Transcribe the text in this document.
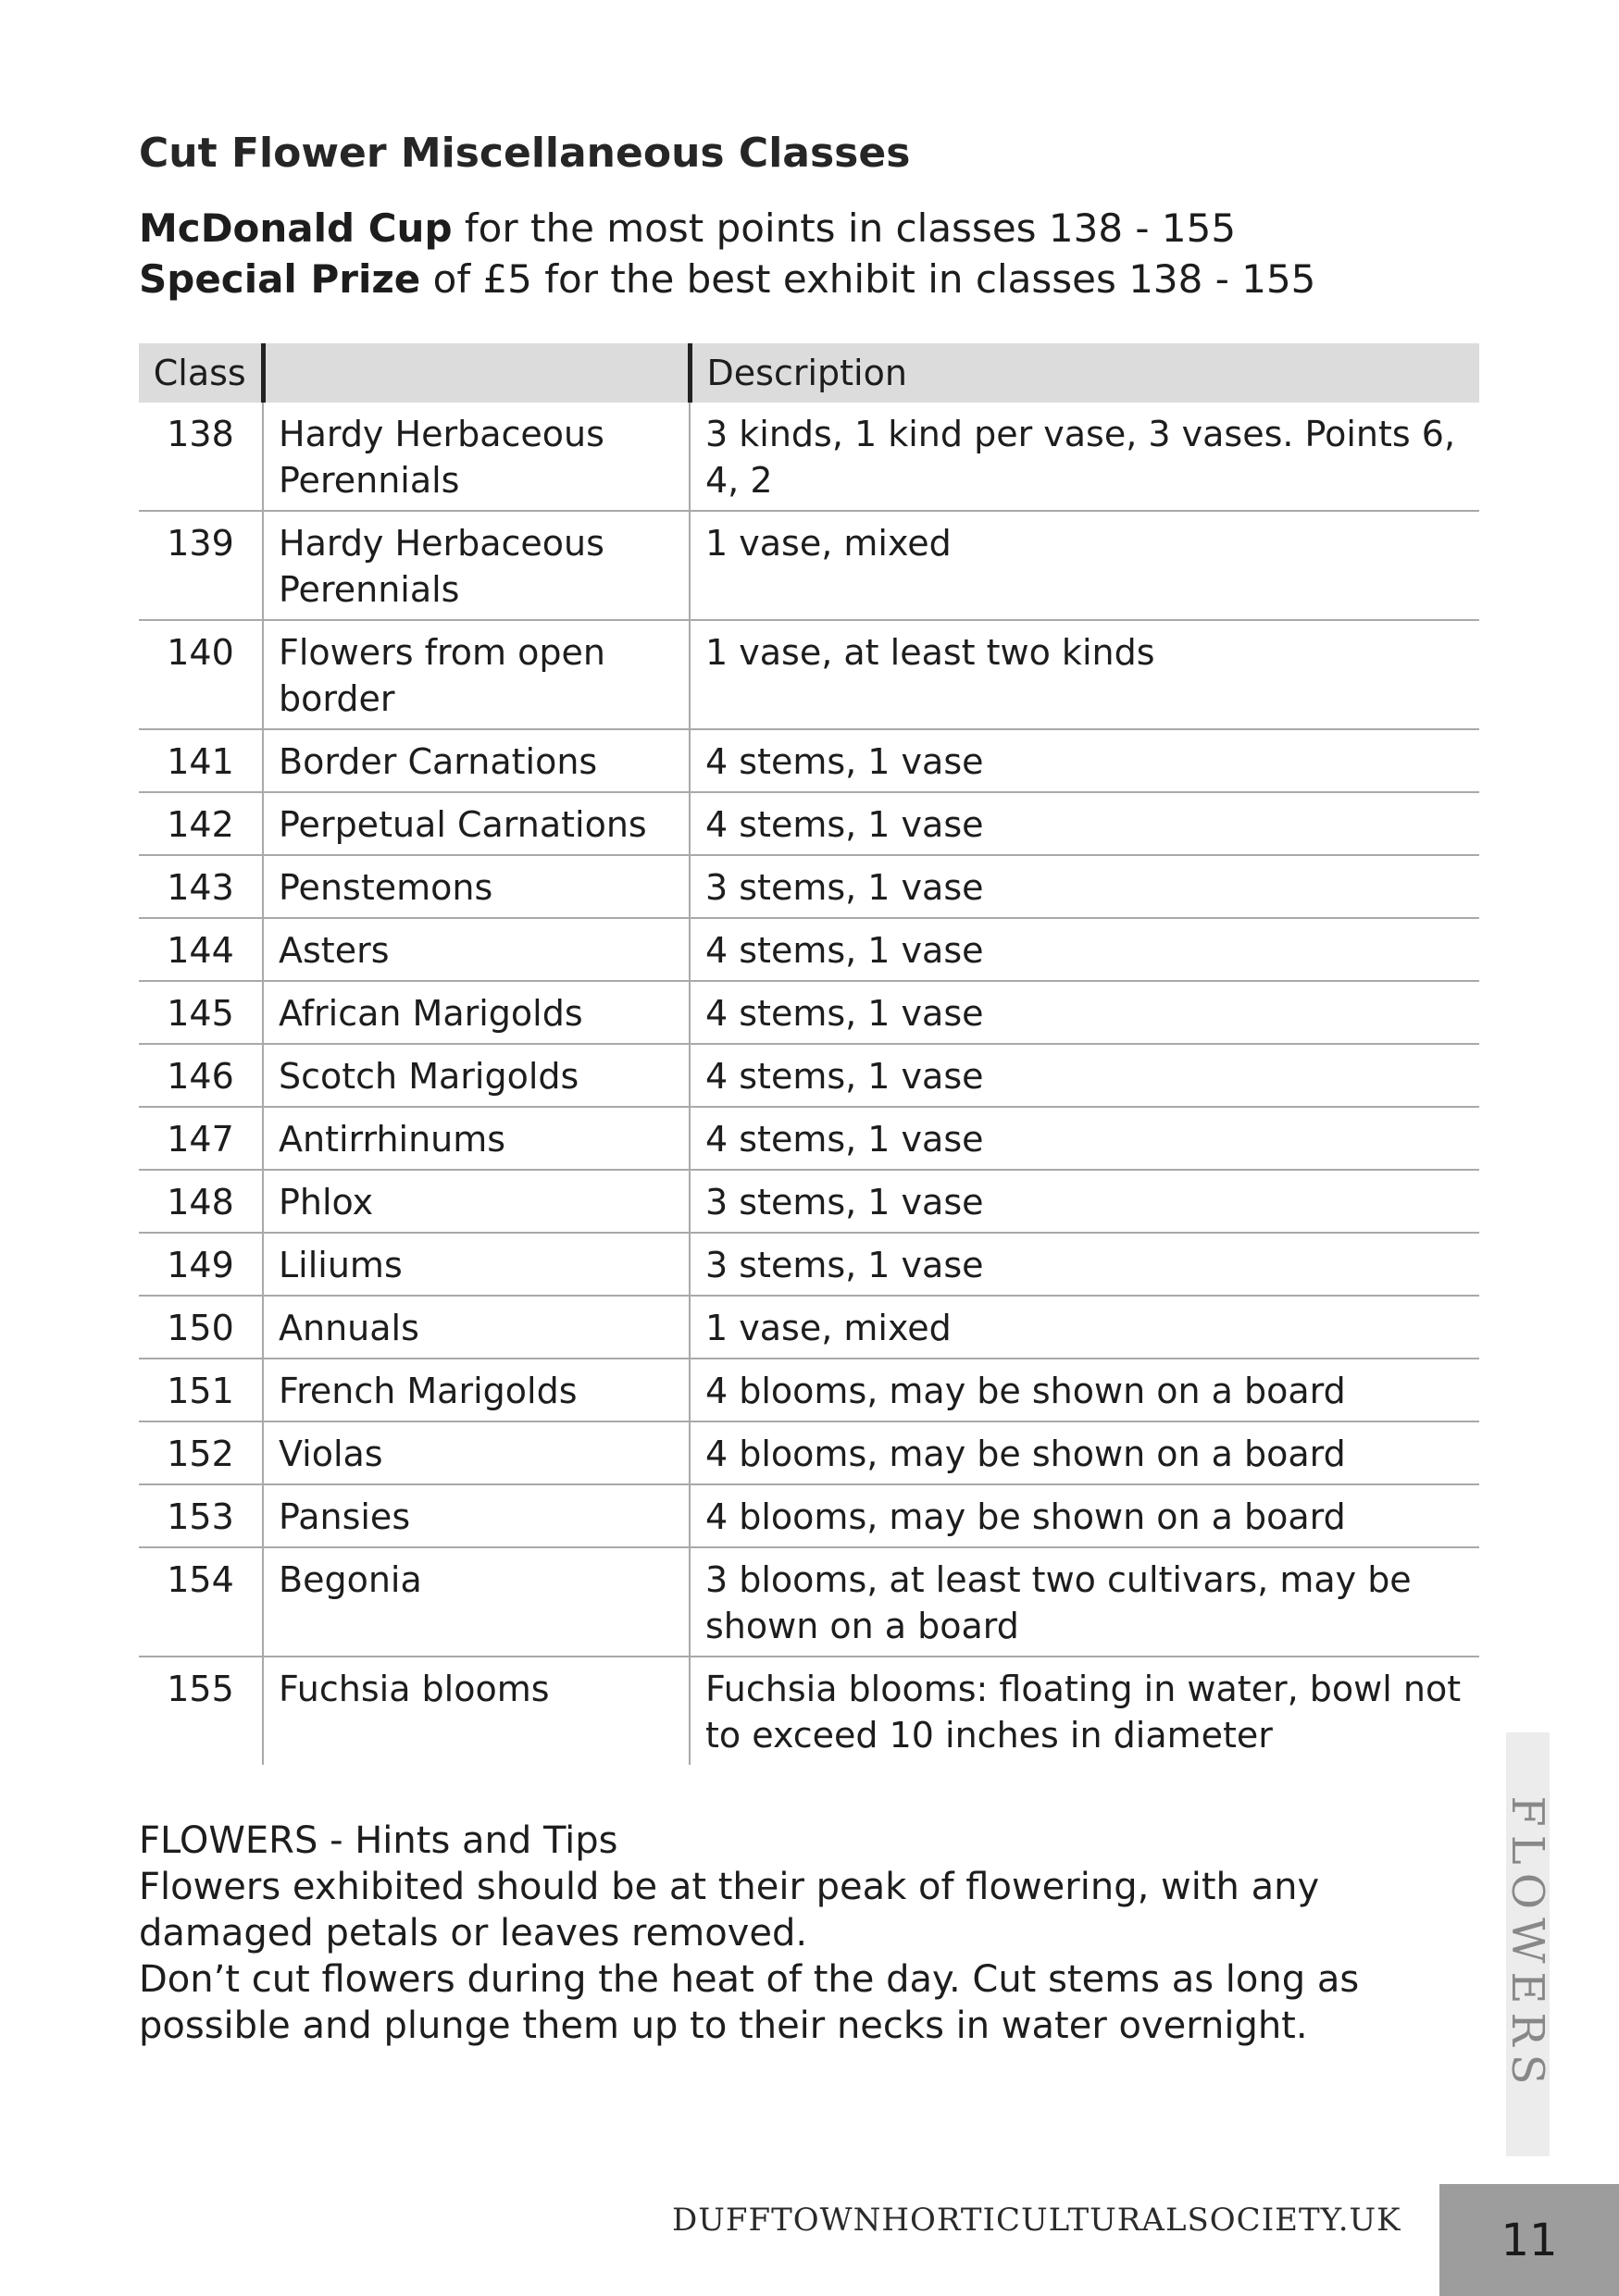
Cut Flower Miscellaneous Classes

McDonald Cup for the most points in classes 138 - 155

Special Prize of £5 for the best exhibit in classes 138 - 155

Class		Description
138	Hardy Herbaceous Perennials	3 kinds, 1 kind per vase, 3 vases. Points 6, 4, 2
139	Hardy Herbaceous Perennials	1 vase, mixed
140	Flowers from open border	1 vase, at least two kinds
141	Border Carnations	4 stems, 1 vase
142	Perpetual Carnations	4 stems, 1 vase
143	Penstemons	3 stems, 1 vase
144	Asters	4 stems, 1 vase
145	African Marigolds	4 stems, 1 vase
146	Scotch Marigolds	4 stems, 1 vase
147	Antirrhinums	4 stems, 1 vase
148	Phlox	3 stems, 1 vase
149	Liliums	3 stems, 1 vase
150	Annuals	1 vase, mixed
151	French Marigolds	4 blooms, may be shown on a board
152	Violas	4 blooms, may be shown on a board
153	Pansies	4 blooms, may be shown on a board
154	Begonia	3 blooms, at least two cultivars, may be shown on a board
155	Fuchsia blooms	Fuchsia blooms: floating in water, bowl not to exceed 10 inches in diameter

FLOWERS - Hints and Tips

Flowers exhibited should be at their peak of flowering, with any damaged petals or leaves removed.

Don’t cut flowers during the heat of the day. Cut stems as long as possible and plunge them up to their necks in water overnight.	FLOWERS
DUFFTOWNHORTICULTURALSOCIETY.UK 11
